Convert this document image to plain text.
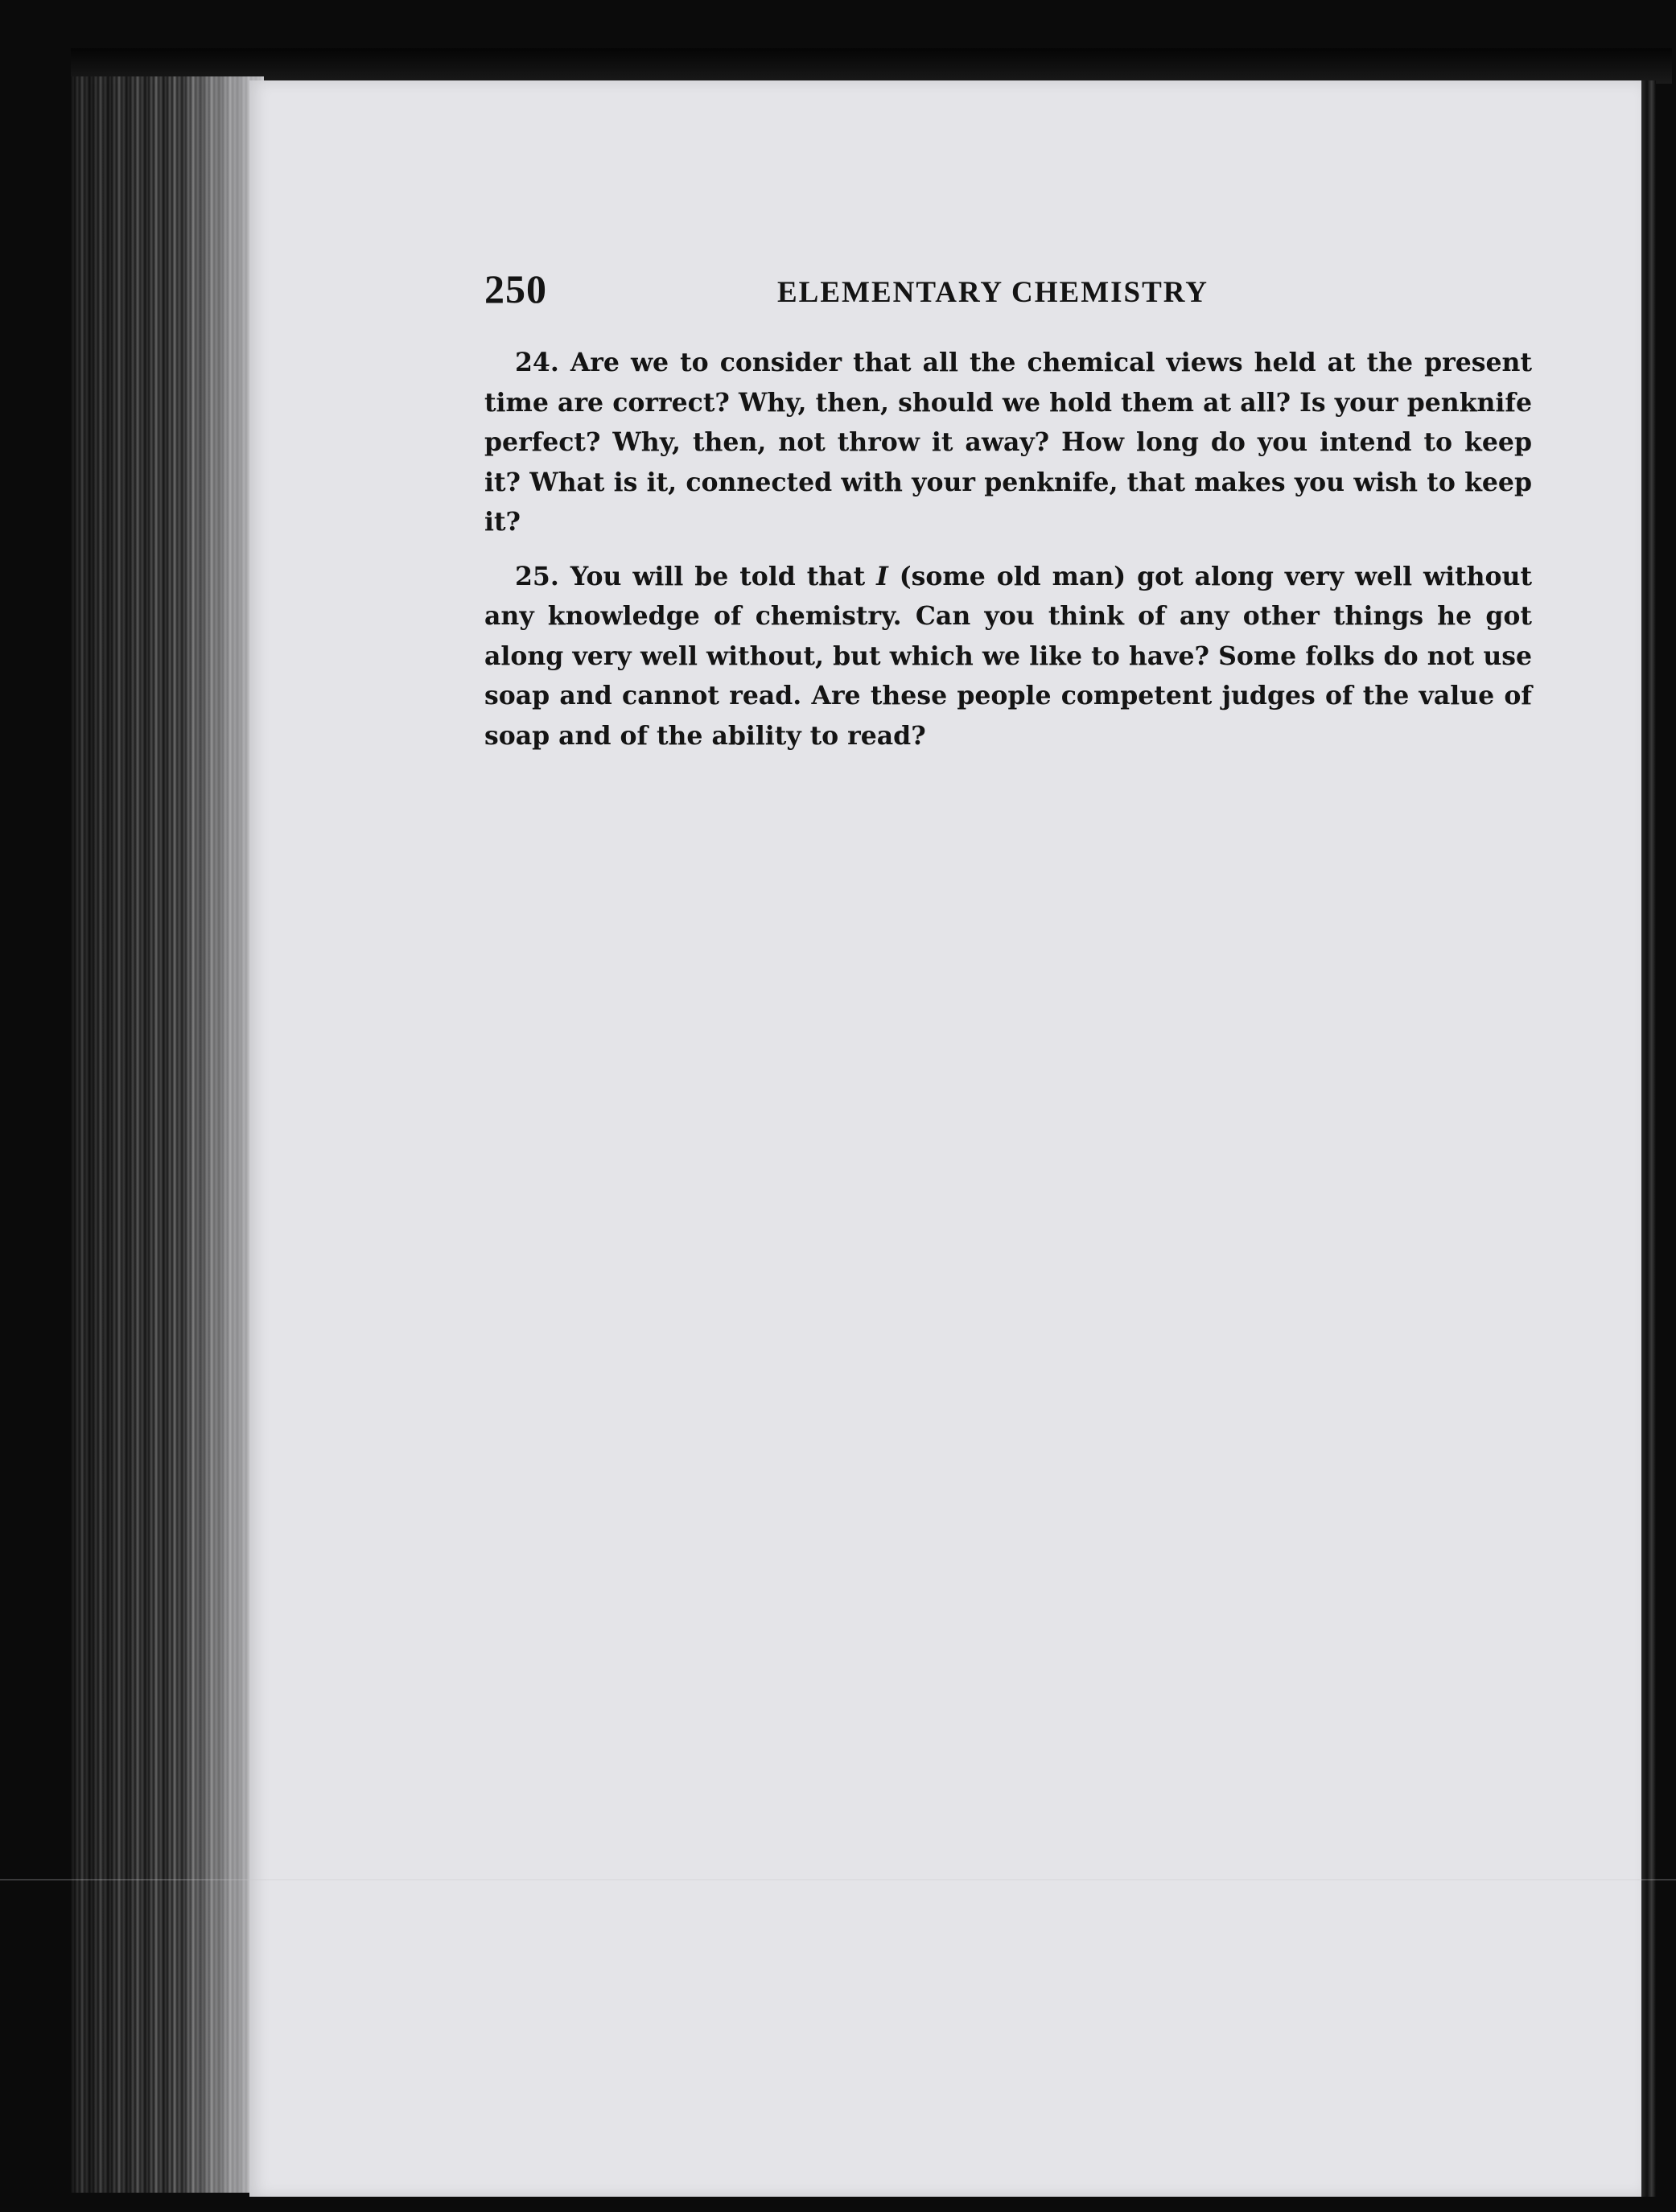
250	ELEMENTARY CHEMISTRY

24. Are we to consider that all the chemical views held at the present time are correct? Why, then, should we hold them at all? Is your penknife perfect? Why, then, not throw it away? How long do you intend to keep it? What is it, connected with your penknife, that makes you wish to keep it?

25. You will be told that I (some old man) got along very well without any knowledge of chemistry. Can you think of any other things he got along very well without, but which we like to have? Some folks do not use soap and cannot read. Are these people competent judges of the value of soap and of the ability to read?
